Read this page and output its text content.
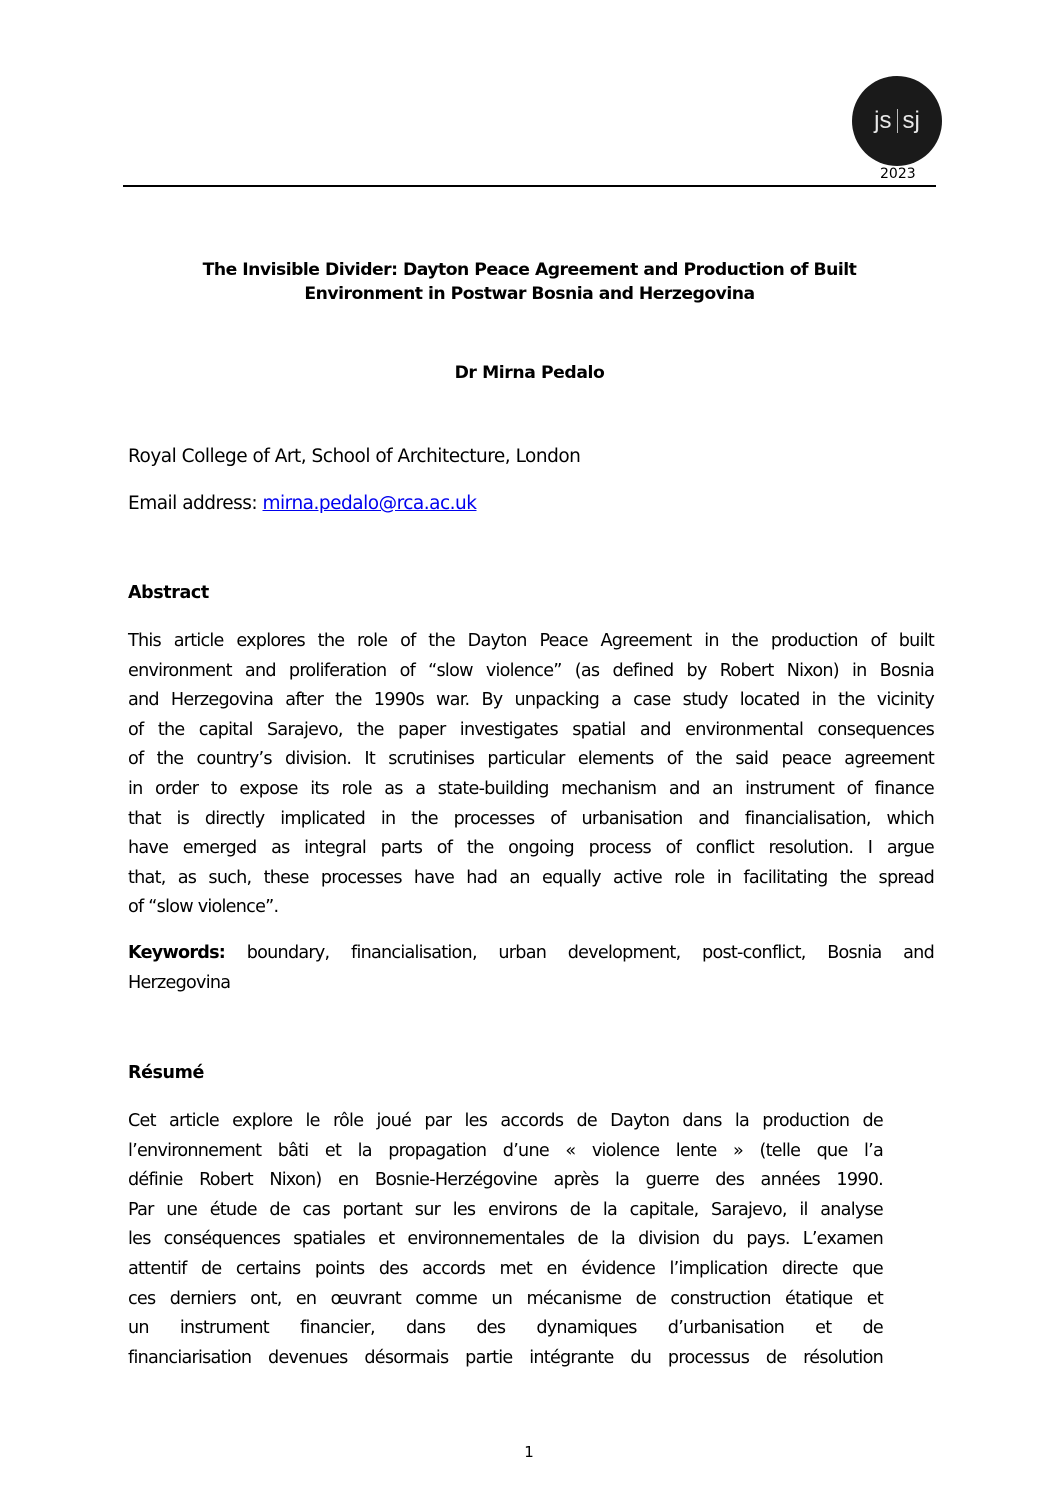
js sj
2023
The Invisible Divider: Dayton Peace Agreement and Production of Built
Environment in Postwar Bosnia and Herzegovina
Dr Mirna Pedalo
Royal College of Art, School of Architecture, London
Email address: mirna.pedalo@rca.ac.uk
Abstract
This article explores the role of the Dayton Peace Agreement in the production of built
environment and proliferation of “slow violence” (as defined by Robert Nixon) in Bosnia
and Herzegovina after the 1990s war. By unpacking a case study located in the vicinity
of the capital Sarajevo, the paper investigates spatial and environmental consequences
of the country’s division. It scrutinises particular elements of the said peace agreement
in order to expose its role as a state-building mechanism and an instrument of finance
that is directly implicated in the processes of urbanisation and financialisation, which
have emerged as integral parts of the ongoing process of conflict resolution. I argue
that, as such, these processes have had an equally active role in facilitating the spread
of “slow violence”.
Keywords: boundary, financialisation, urban development, post-conflict, Bosnia and
Herzegovina
Résumé
Cet article explore le rôle joué par les accords de Dayton dans la production de
l’environnement bâti et la propagation d’une « violence lente » (telle que l’a
définie Robert Nixon) en Bosnie-Herzégovine après la guerre des années 1990.
Par une étude de cas portant sur les environs de la capitale, Sarajevo, il analyse
les conséquences spatiales et environnementales de la division du pays. L’examen
attentif de certains points des accords met en évidence l’implication directe que
ces derniers ont, en œuvrant comme un mécanisme de construction étatique et
un instrument financier, dans des dynamiques d’urbanisation et de
financiarisation devenues désormais partie intégrante du processus de résolution
1
